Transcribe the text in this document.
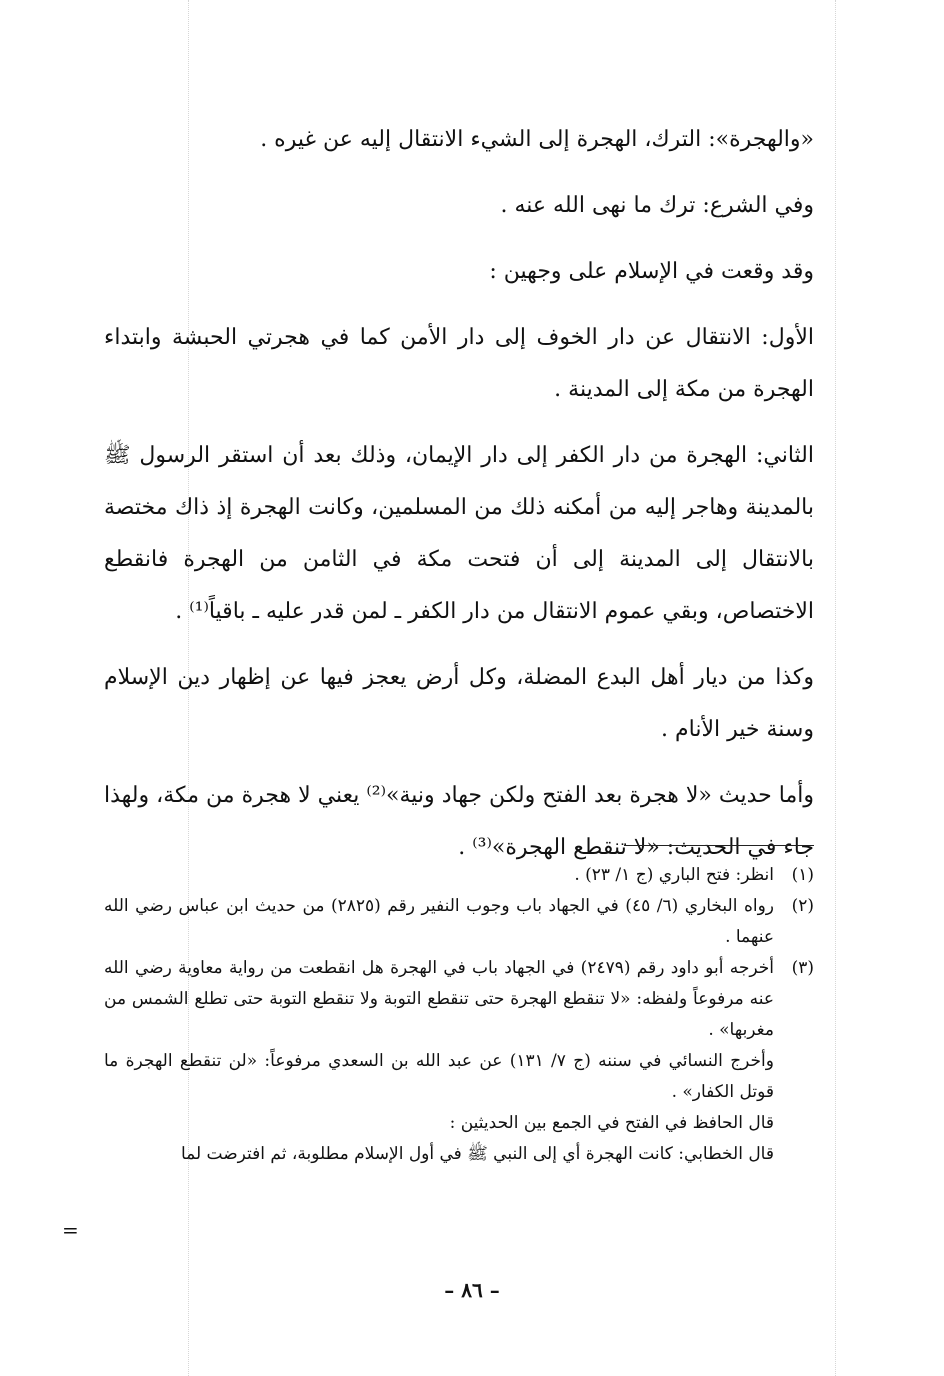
«والهجرة»: الترك، الهجرة إلى الشيء الانتقال إليه عن غيره .

وفي الشرع: ترك ما نهى الله عنه .

وقد وقعت في الإسلام على وجهين :

الأول: الانتقال عن دار الخوف إلى دار الأمن كما في هجرتي الحبشة وابتداء الهجرة من مكة إلى المدينة .

الثاني: الهجرة من دار الكفر إلى دار الإيمان، وذلك بعد أن استقر الرسول ﷺ بالمدينة وهاجر إليه من أمكنه ذلك من المسلمين، وكانت الهجرة إذ ذاك مختصة بالانتقال إلى المدينة إلى أن فتحت مكة في الثامن من الهجرة فانقطع الاختصاص، وبقي عموم الانتقال من دار الكفر ـ لمن قدر عليه ـ باقياً⁽¹⁾ .

وكذا من ديار أهل البدع المضلة، وكل أرض يعجز فيها عن إظهار دين الإسلام وسنة خير الأنام .

وأما حديث «لا هجرة بعد الفتح ولكن جهاد ونية»⁽²⁾ يعني لا هجرة من مكة، ولهذا جاء في الحديث: «لا تنقطع الهجرة»⁽³⁾ .

(١)
انظر: فتح الباري (ج ١/ ٢٣) .
(٢)
رواه البخاري (٦/ ٤٥) في الجهاد باب وجوب النفير رقم (٢٨٢٥) من حديث ابن عباس رضي الله عنهما .
(٣)
أخرجه أبو داود رقم (٢٤٧٩) في الجهاد باب في الهجرة هل انقطعت من رواية معاوية رضي الله عنه مرفوعاً ولفظه: «لا تنقطع الهجرة حتى تنقطع التوبة ولا تنقطع التوبة حتى تطلع الشمس من مغربها» .

وأخرج النسائي في سننه (ج ٧/ ١٣١) عن عبد الله بن السعدي مرفوعاً: «لن تنقطع الهجرة ما قوتل الكفار» .

قال الحافظ في الفتح في الجمع بين الحديثين :

قال الخطابي: كانت الهجرة أي إلى النبي ﷺ في أول الإسلام مطلوبة، ثم افترضت لما

=
– ٨٦ –
